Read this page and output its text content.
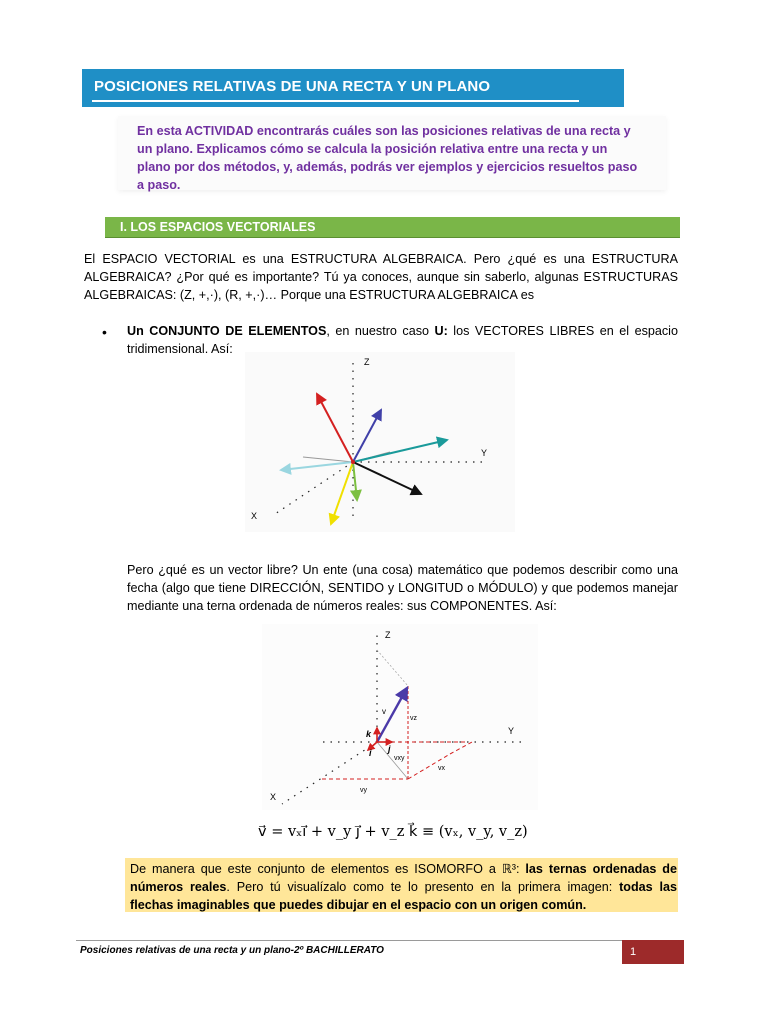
POSICIONES RELATIVAS DE UNA RECTA Y UN PLANO
En esta ACTIVIDAD encontrarás cuáles son las posiciones relativas de una recta y un plano. Explicamos cómo se calcula la posición relativa entre una recta y un plano por dos métodos, y, además, podrás ver ejemplos y ejercicios resueltos paso a paso.
I. LOS ESPACIOS VECTORIALES
El ESPACIO VECTORIAL es una ESTRUCTURA ALGEBRAICA. Pero ¿qué es una ESTRUCTURA ALGEBRAICA? ¿Por qué es importante? Tú ya conoces, aunque sin saberlo, algunas ESTRUCTURAS ALGEBRAICAS: (Z, +,·), (R, +,·)… Porque una ESTRUCTURA ALGEBRAICA es
• Un CONJUNTO DE ELEMENTOS, en nuestro caso U: los VECTORES LIBRES en el espacio tridimensional. Así:
Z
Y
X
Pero ¿qué es un vector libre? Un ente (una cosa) matemático que podemos describir como una fecha (algo que tiene DIRECCIÓN, SENTIDO y LONGITUD o MÓDULO) y que podemos manejar mediante una terna ordenada de números reales: sus COMPONENTES. Así:
Z
Y
X
v
vz
vxy
vx
vy
k
j
i
v⃗ = vₓi⃗ + v_y j⃗ + v_z k⃗ ≡ (vₓ, v_y, v_z)
De manera que este conjunto de elementos es ISOMORFO a ℝ³: las ternas ordenadas de números reales. Pero tú visualízalo como te lo presento en la primera imagen: todas las flechas imaginables que puedes dibujar en el espacio con un origen común.
Posiciones relativas de una recta y un plano-2º BACHILLERATO	1
